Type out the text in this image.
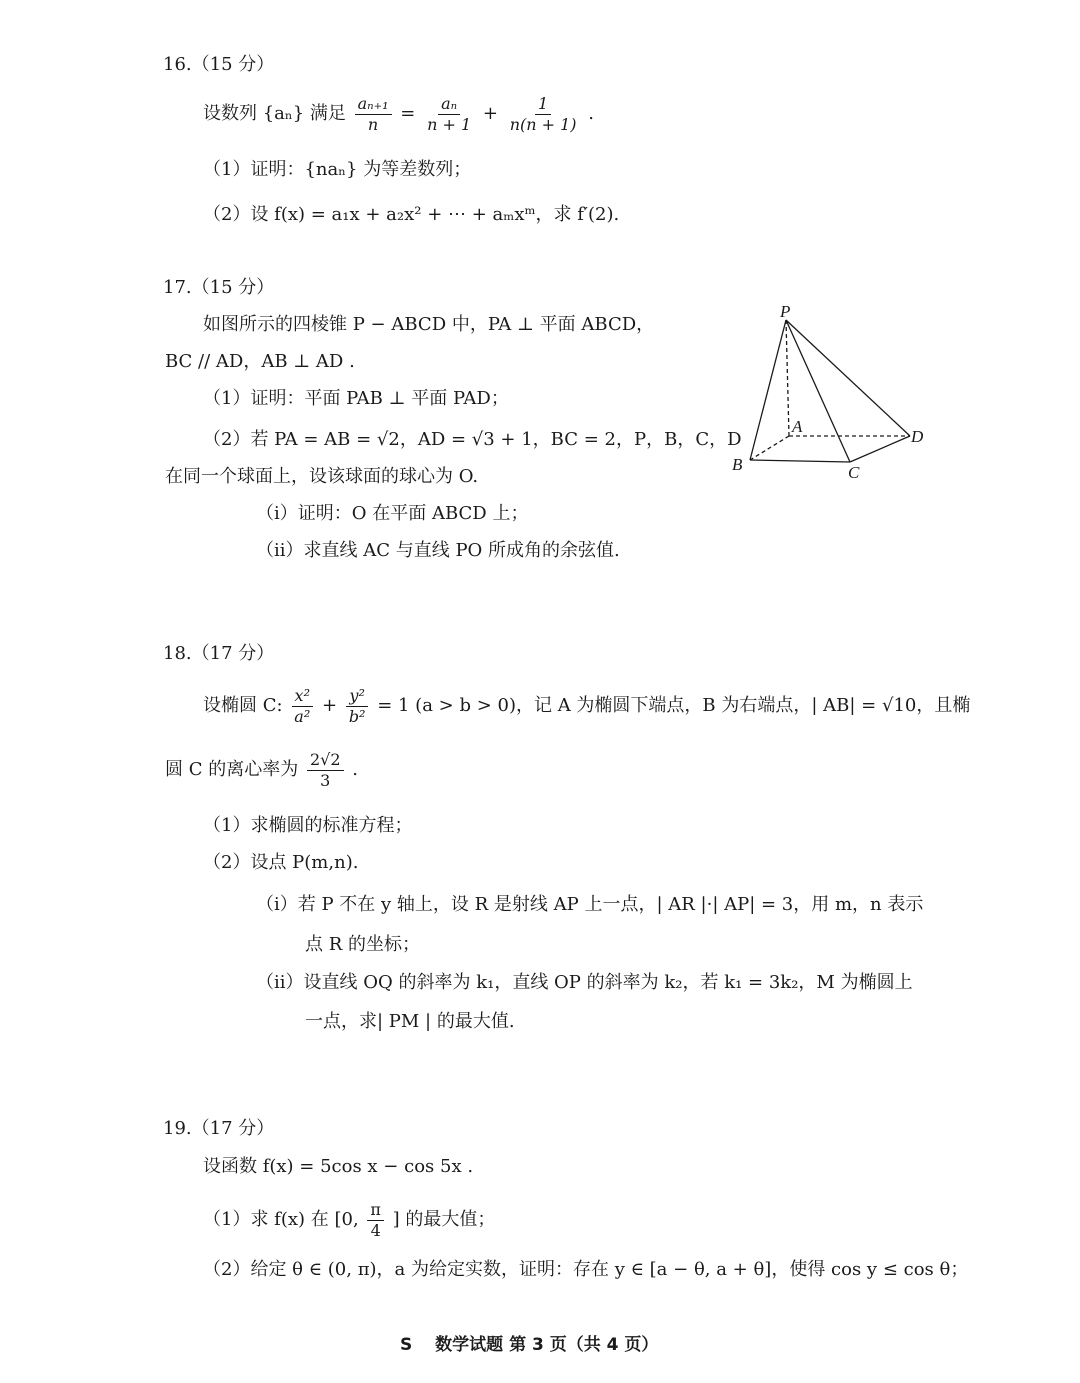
16.（15 分）
设数列 {aₙ} 满足 $\frac{\text{aₙ₊₁}}{n} = \frac{\text{aₙ}}{n + 1} + \frac{1}{n(n + 1)}$ .
（1）证明：{naₙ} 为等差数列；
（2）设 f(x) = a₁x + a₂x² + ⋯ + aₘxᵐ，求 f′(2).
17.（15 分）
如图所示的四棱锥 P − ABCD 中，PA ⊥ 平面 ABCD，
BC // AD，AB ⊥ AD .
（1）证明：平面 PAB ⊥ 平面 PAD；
（2）若 PA = AB = √2，AD = √3 + 1，BC = 2，P，B，C，D
在同一个球面上，设该球面的球心为 O.
（ⅰ）证明：O 在平面 ABCD 上；
（ⅱ）求直线 AC 与直线 PO 所成角的余弦值.
P
A
B	C
D
18.（17 分）
设椭圆 C: $\frac{\text{x²}}{\text{a²}} + \frac{\text{y²}}{\text{b²}} = 1$ (a > b > 0)，记 A 为椭圆下端点，B 为右端点，| AB| = √10，且椭
圆 C 的离心率为 $\frac{2√2}{3}$ .
（1）求椭圆的标准方程；
（2）设点 P(m,n).
（ⅰ）若 P 不在 y 轴上，设 R 是射线 AP 上一点，| AR |·| AP| = 3，用 m，n 表示
点 R 的坐标；
（ⅱ）设直线 OQ 的斜率为 k₁，直线 OP 的斜率为 k₂，若 k₁ = 3k₂，M 为椭圆上
一点，求| PM | 的最大值.
19.（17 分）
设函数 f(x) = 5cos x − cos 5x .
（1）求 f(x) 在 [0, $\frac{\pi}{4}$ ] 的最大值；
（2）给定 θ ∈ (0, π)，a 为给定实数，证明：存在 y ∈ [a − θ, a + θ]，使得 cos y ≤ cos θ；
S　 数学试题 第 3 页（共 4 页）
